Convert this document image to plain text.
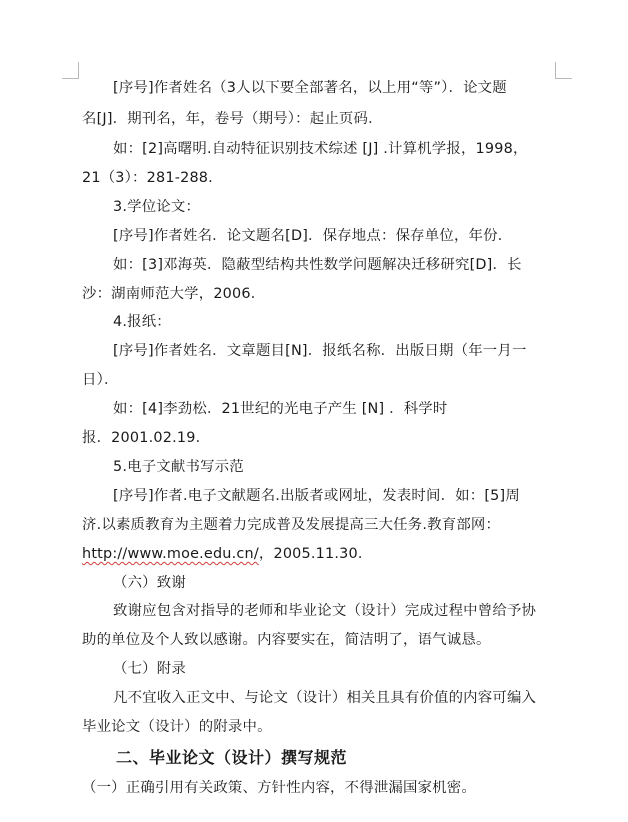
[序号]作者姓名（3人以下要全部著名，以上用“等”）．论文题
名[J]．期刊名，年，卷号（期号）：起止页码．
如：[2]高曙明.自动特征识别技术综述 [J] .计算机学报，1998，
21（3）：281-288.
3.学位论文：
[序号]作者姓名．论文题名[D]．保存地点：保存单位，年份．
如：[3]邓海英．隐蔽型结构共性数学问题解决迁移研究[D]．长
沙：湖南师范大学，2006．
4.报纸：
[序号]作者姓名．文章题目[N]．报纸名称．出版日期（年一月一
日）．
如：[4]李劲松．21世纪的光电子产生 [N] ．科学时
报．2001.02.19．
5.电子文献书写示范
[序号]作者.电子文献题名.出版者或网址，发表时间．如：[5]周
济.以素质教育为主题着力完成普及发展提高三大任务.教育部网：
http://www.moe.edu.cn/，2005.11.30．
（六）致谢
致谢应包含对指导的老师和毕业论文（设计）完成过程中曾给予协
助的单位及个人致以感谢。内容要实在，简洁明了，语气诚恳。
（七）附录
凡不宜收入正文中、与论文（设计）相关且具有价值的内容可编入
毕业论文（设计）的附录中。
二、毕业论文（设计）撰写规范
（一）正确引用有关政策、方针性内容，不得泄漏国家机密。
